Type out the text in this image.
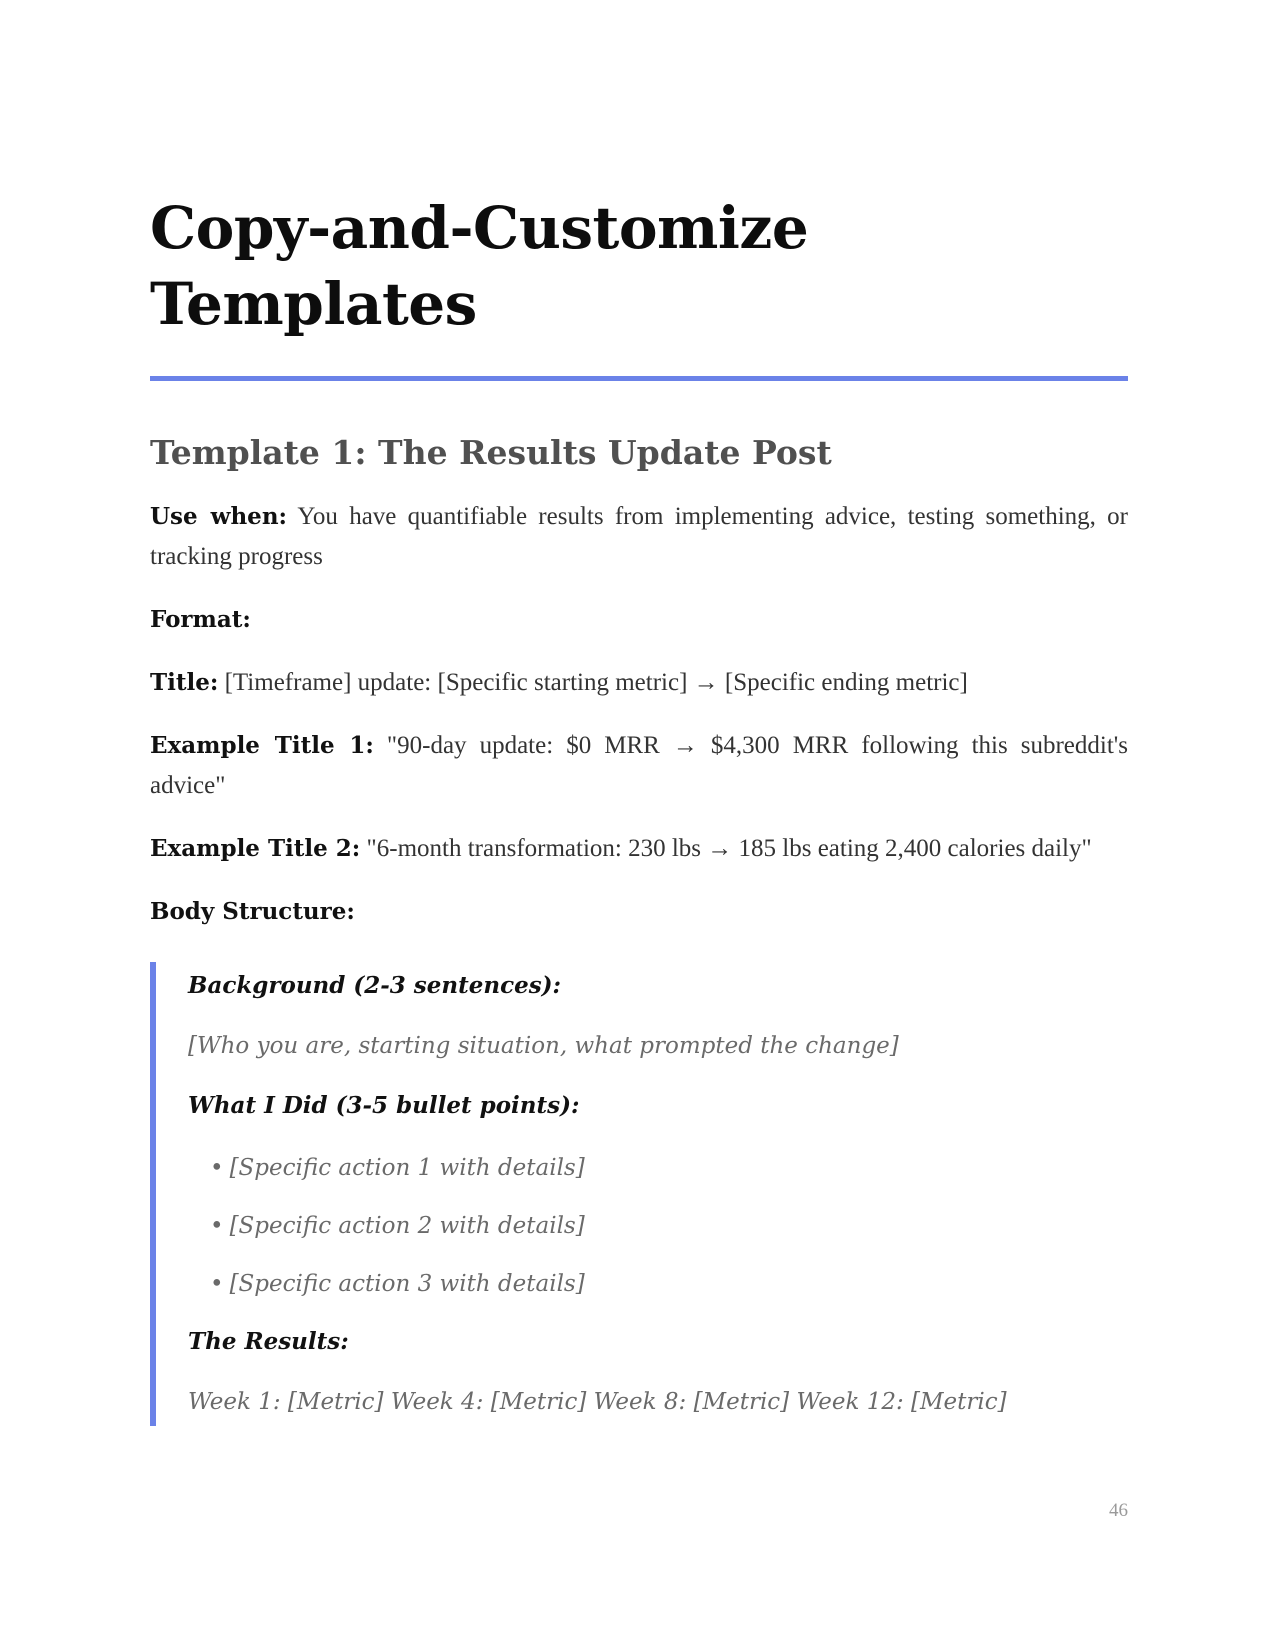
Copy-and-Customize Templates
Template 1: The Results Update Post

Use when: You have quantifiable results from implementing advice, testing something, or tracking progress

Format:

Title: [Timeframe] update: [Specific starting metric] → [Specific ending metric]

Example Title 1: "90-day update: $0 MRR → $4,300 MRR following this subreddit's advice"

Example Title 2: "6-month transformation: 230 lbs → 185 lbs eating 2,400 calories daily"

Body Structure:

Background (2-3 sentences):

[Who you are, starting situation, what prompted the change]

What I Did (3-5 bullet points):

• [Specific action 1 with details]
• [Specific action 2 with details]
• [Specific action 3 with details]

The Results:

Week 1: [Metric] Week 4: [Metric] Week 8: [Metric] Week 12: [Metric]

46
